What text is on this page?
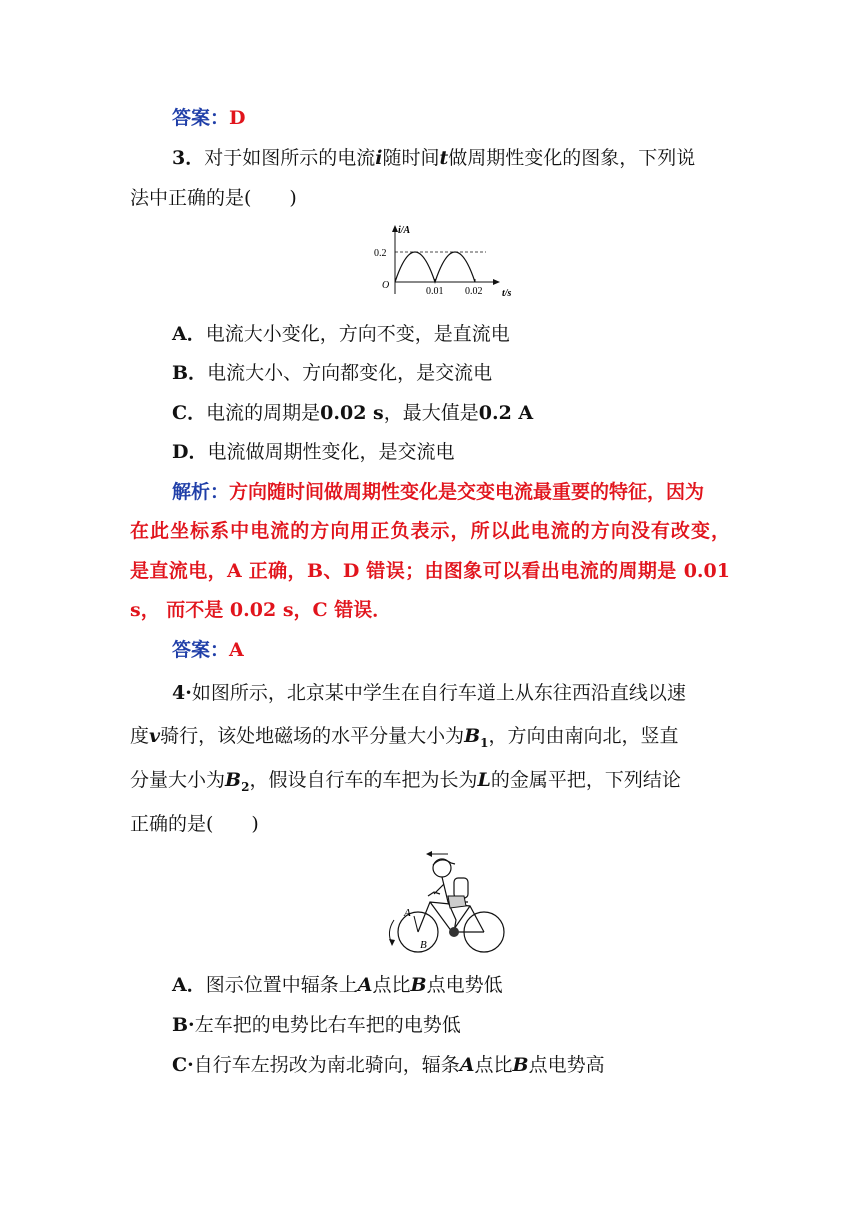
答案：D
3．对于如图所示的电流i随时间t做周期性变化的图象，下列说
法中正确的是(　　)
i/A
0.2
O
0.01 0.02 t/s
A．电流大小变化，方向不变，是直流电
B．电流大小、方向都变化，是交流电
C．电流的周期是0.02 s，最大值是0.2 A
D．电流做周期性变化，是交流电
解析：方向随时间做周期性变化是交变电流最重要的特征，因为
在此坐标系中电流的方向用正负表示，所以此电流的方向没有改变，
是直流电，A 正确，B、D 错误；由图象可以看出电流的周期是 0.01
s， 而不是 0.02 s，C 错误．
答案：A
4·如图所示，北京某中学生在自行车道上从东往西沿直线以速
度v骑行，该处地磁场的水平分量大小为$B_1$，方向由南向北，竖直
分量大小为$B_2$，假设自行车的车把为长为L的金属平把，下列结论
正确的是(　　)
A
B
A．图示位置中辐条上A点比B点电势低
B·左车把的电势比右车把的电势低
C·自行车左拐改为南北骑向，辐条A点比B点电势高
